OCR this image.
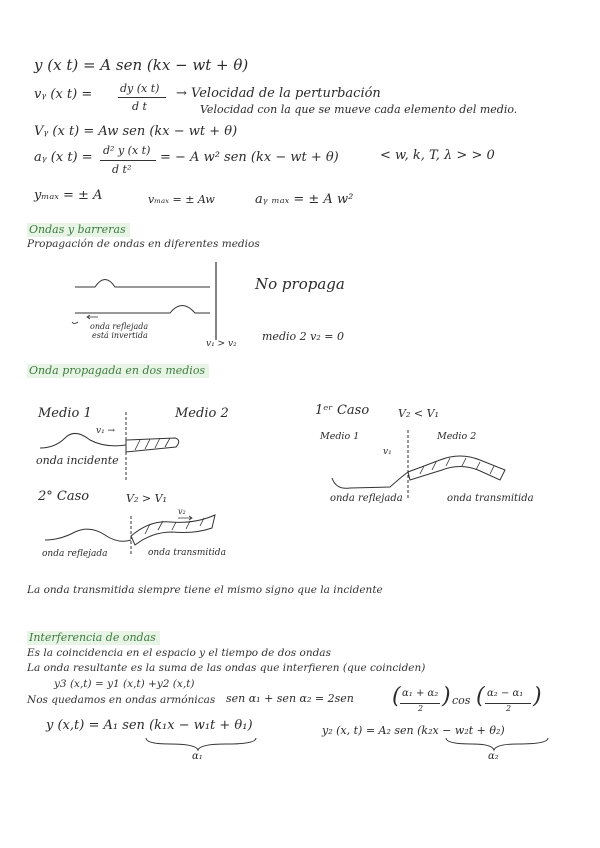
y (x t) = A sen (kx − wt + θ)
vᵧ (x t) =	dy (x t)
d t
→ Velocidad de la perturbación
Velocidad con la que se mueve cada elemento del medio.
Vᵧ (x t) = Aw sen (kx − wt + θ)
aᵧ (x t) = d² y (x t)
d t²
= − A w² sen (kx − wt + θ)	< w, k, T, λ > > 0
yₘₐₓ = ± A	vₘₐₓ = ± Aw	aᵧ ₘₐₓ = ± A w²
Ondas y barreras
Propagación de ondas en diferentes medios
No propaga
onda reflejada
está invertida
v₁ > v₂
medio 2 v₂ = 0
Onda propagada en dos medios
Medio 1	Medio 2
v₁ →
onda incidente
1ᵉʳ Caso	V₂ < V₁
Medio 1	Medio 2
v₁
onda reflejada	onda transmitida
2° Caso	V₂ > V₁
v₂
onda reflejada	onda transmitida
La onda transmitida siempre tiene el mismo signo que la incidente
Interferencia de ondas
Es la coincidencia en el espacio y el tiempo de dos ondas
La onda resultante es la suma de las ondas que interfieren (que coinciden)
y3 (x,t) = y1 (x,t) +y2 (x,t)
Nos quedamos en ondas armónicas sen α₁ + sen α₂ = 2sen ( α₁ + α₂
2 ) cos ( α₂ − α₁
2 )
y (x,t) = A₁ sen (k₁x − w₁t + θ₁)
α₁
y₂ (x, t) = A₂ sen (k₂x − w₂t + θ₂)
α₂
